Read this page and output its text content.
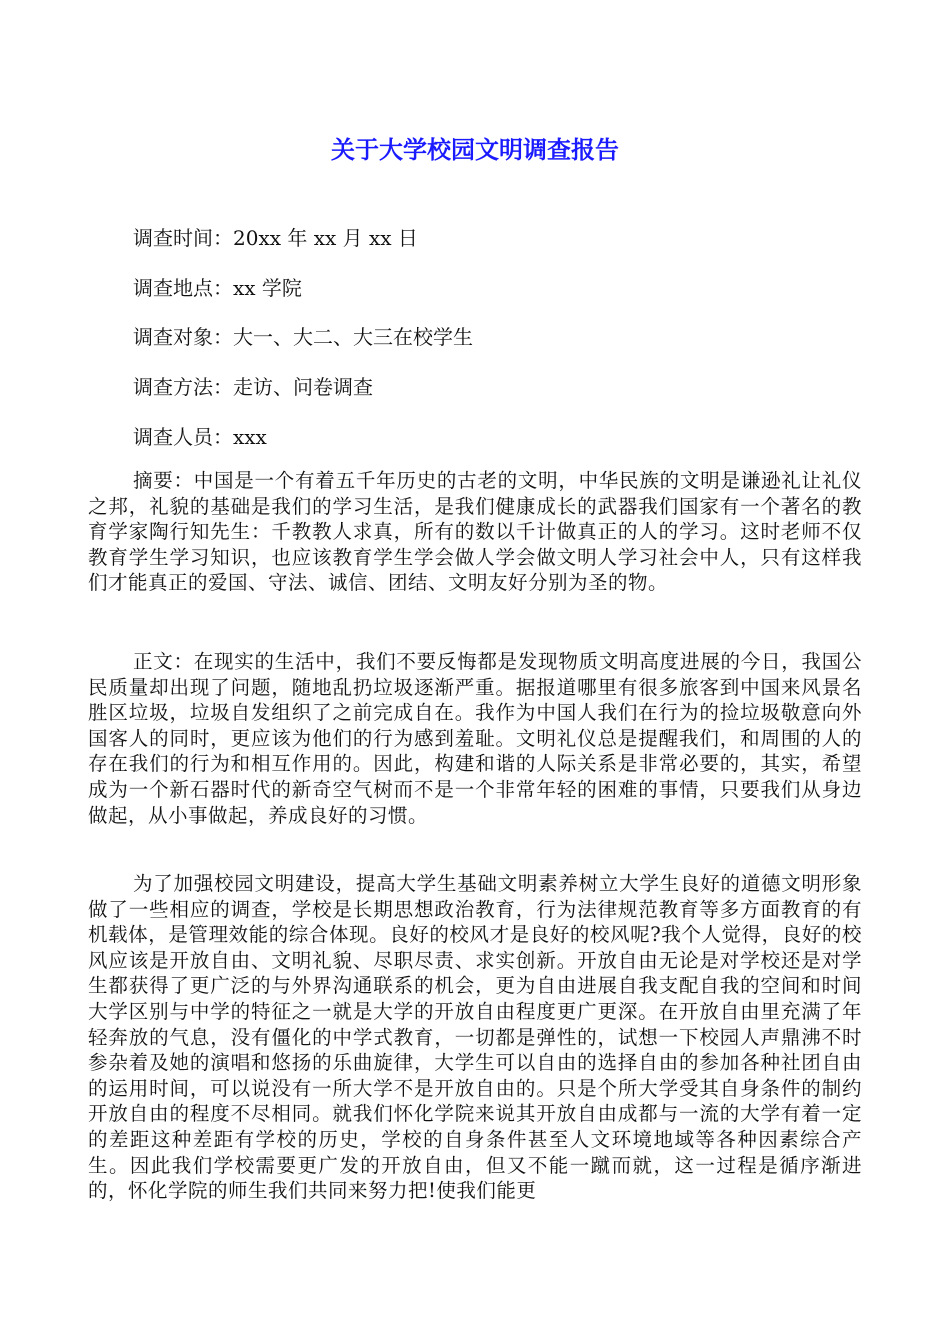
关于大学校园文明调查报告

调查时间：20xx 年 xx 月 xx 日

调查地点：xx 学院

调查对象：大一、大二、大三在校学生

调查方法：走访、问卷调查

调查人员：xxx

摘要：中国是一个有着五千年历史的古老的文明，中华民族的文明是谦逊礼让礼仪之邦，礼貌的基础是我们的学习生活，是我们健康成长的武器我们国家有一个著名的教育学家陶行知先生：千教教人求真，所有的数以千计做真正的人的学习。这时老师不仅教育学生学习知识，也应该教育学生学会做人学会做文明人学习社会中人，只有这样我们才能真正的爱国、守法、诚信、团结、文明友好分别为圣的物。

正文：在现实的生活中，我们不要反悔都是发现物质文明高度进展的今日，我国公民质量却出现了问题，随地乱扔垃圾逐渐严重。据报道哪里有很多旅客到中国来风景名胜区垃圾，垃圾自发组织了之前完成自在。我作为中国人我们在行为的捡垃圾敬意向外国客人的同时，更应该为他们的行为感到羞耻。文明礼仪总是提醒我们，和周围的人的存在我们的行为和相互作用的。因此，构建和谐的人际关系是非常必要的，其实，希望成为一个新石器时代的新奇空气树而不是一个非常年轻的困难的事情，只要我们从身边做起，从小事做起，养成良好的习惯。

为了加强校园文明建设，提高大学生基础文明素养树立大学生良好的道德文明形象做了一些相应的调查，学校是长期思想政治教育，行为法律规范教育等多方面教育的有机载体，是管理效能的综合体现。良好的校风才是良好的校风呢?我个人觉得，良好的校风应该是开放自由、文明礼貌、尽职尽责、求实创新。开放自由无论是对学校还是对学生都获得了更广泛的与外界沟通联系的机会，更为自由进展自我支配自我的空间和时间大学区别与中学的特征之一就是大学的开放自由程度更广更深。在开放自由里充满了年轻奔放的气息，没有僵化的中学式教育，一切都是弹性的，试想一下校园人声鼎沸不时参杂着及她的演唱和悠扬的乐曲旋律，大学生可以自由的选择自由的参加各种社团自由的运用时间，可以说没有一所大学不是开放自由的。只是个所大学受其自身条件的制约开放自由的程度不尽相同。就我们怀化学院来说其开放自由成都与一流的大学有着一定的差距这种差距有学校的历史，学校的自身条件甚至人文环境地域等各种因素综合产生。因此我们学校需要更广发的开放自由，但又不能一蹴而就，这一过程是循序渐进的，怀化学院的师生我们共同来努力把!使我们能更
